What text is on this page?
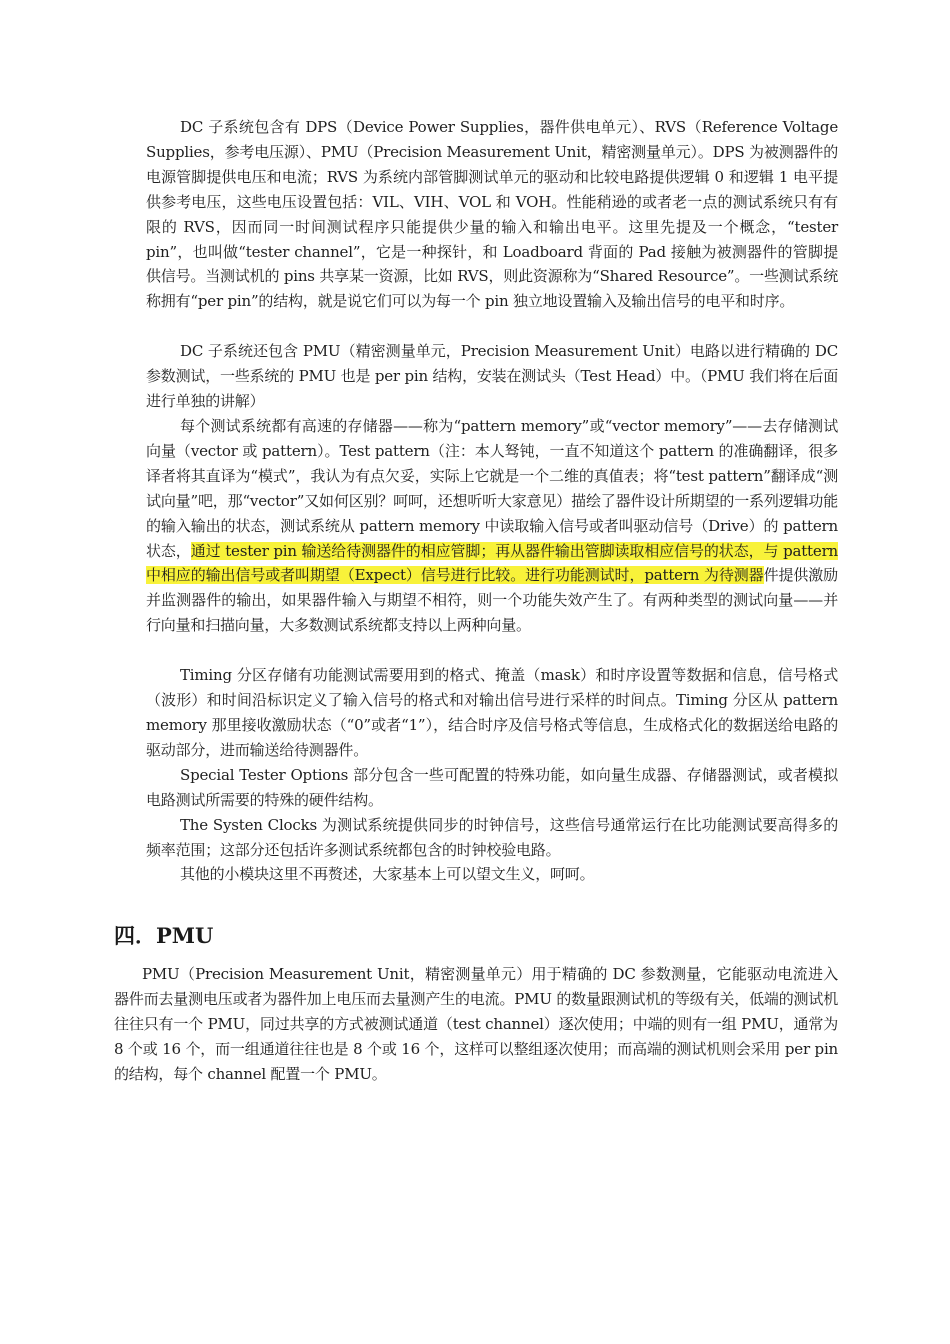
DC 子系统包含有 DPS（Device Power Supplies，器件供电单元）、RVS（Reference Voltage Supplies，参考电压源）、PMU（Precision Measurement Unit，精密测量单元）。DPS 为被测器件的电源管脚提供电压和电流；RVS 为系统内部管脚测试单元的驱动和比较电路提供逻辑 0 和逻辑 1 电平提供参考电压，这些电压设置包括：VIL、VIH、VOL 和 VOH。性能稍逊的或者老一点的测试系统只有有限的 RVS，因而同一时间测试程序只能提供少量的输入和输出电平。这里先提及一个概念，“tester pin”，也叫做“tester channel”，它是一种探针，和 Loadboard 背面的 Pad 接触为被测器件的管脚提供信号。当测试机的 pins 共享某一资源，比如 RVS，则此资源称为“Shared Resource”。一些测试系统称拥有“per pin”的结构，就是说它们可以为每一个 pin 独立地设置输入及输出信号的电平和时序。

DC 子系统还包含 PMU（精密测量单元，Precision Measurement Unit）电路以进行精确的 DC 参数测试，一些系统的 PMU 也是 per pin 结构，安装在测试头（Test Head）中。（PMU 我们将在后面进行单独的讲解）

每个测试系统都有高速的存储器——称为“pattern memory”或“vector memory”——去存储测试向量（vector 或 pattern）。Test pattern（注：本人驽钝，一直不知道这个 pattern 的准确翻译，很多译者将其直译为“模式”，我认为有点欠妥，实际上它就是一个二维的真值表；将“test pattern”翻译成“测试向量”吧，那“vector”又如何区别？呵呵，还想听听大家意见）描绘了器件设计所期望的一系列逻辑功能的输入输出的状态，测试系统从 pattern memory 中读取输入信号或者叫驱动信号（Drive）的 pattern 状态，通过 tester pin 输送给待测器件的相应管脚；再从器件输出管脚读取相应信号的状态，与 pattern 中相应的输出信号或者叫期望（Expect）信号进行比较。进行功能测试时，pattern 为待测器件提供激励并监测器件的输出，如果器件输入与期望不相符，则一个功能失效产生了。有两种类型的测试向量——并行向量和扫描向量，大多数测试系统都支持以上两种向量。

Timing 分区存储有功能测试需要用到的格式、掩盖（mask）和时序设置等数据和信息，信号格式（波形）和时间沿标识定义了输入信号的格式和对输出信号进行采样的时间点。Timing 分区从 pattern memory 那里接收激励状态（“0”或者“1”），结合时序及信号格式等信息，生成格式化的数据送给电路的驱动部分，进而输送给待测器件。

Special Tester Options 部分包含一些可配置的特殊功能，如向量生成器、存储器测试，或者模拟电路测试所需要的特殊的硬件结构。

The Systen Clocks 为测试系统提供同步的时钟信号，这些信号通常运行在比功能测试要高得多的频率范围；这部分还包括许多测试系统都包含的时钟校验电路。

其他的小模块这里不再赘述，大家基本上可以望文生义，呵呵。

四．PMU

PMU（Precision Measurement Unit，精密测量单元）用于精确的 DC 参数测量，它能驱动电流进入器件而去量测电压或者为器件加上电压而去量测产生的电流。PMU 的数量跟测试机的等级有关，低端的测试机往往只有一个 PMU，同过共享的方式被测试通道（test channel）逐次使用；中端的则有一组 PMU，通常为 8 个或 16 个，而一组通道往往也是 8 个或 16 个，这样可以整组逐次使用；而高端的测试机则会采用 per pin 的结构，每个 channel 配置一个 PMU。
